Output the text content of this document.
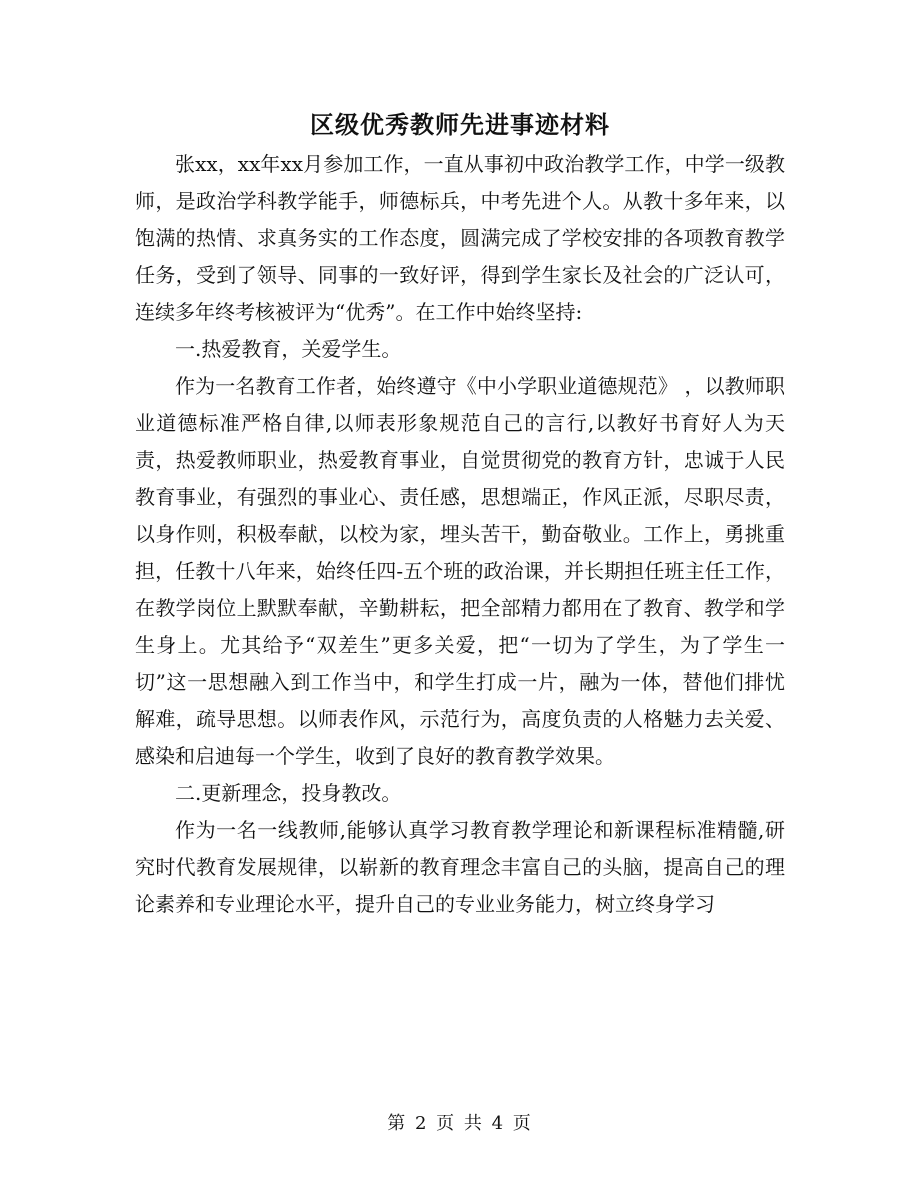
区级优秀教师先进事迹材料

张xx，xx年xx月参加工作，一直从事初中政治教学工作，中学一级教师，是政治学科教学能手，师德标兵，中考先进个人。从教十多年来，以饱满的热情、求真务实的工作态度，圆满完成了学校安排的各项教育教学任务，受到了领导、同事的一致好评，得到学生家长及社会的广泛认可，连续多年终考核被评为“优秀”。在工作中始终坚持:

一.热爱教育，关爱学生。

作为一名教育工作者，始终遵守《中小学职业道德规范》 ，以教师职业道德标准严格自律,以师表形象规范自己的言行,以教好书育好人为天责，热爱教师职业，热爱教育事业，自觉贯彻党的教育方针，忠诚于人民教育事业，有强烈的事业心、责任感，思想端正，作风正派，尽职尽责，以身作则，积极奉献，以校为家，埋头苦干，勤奋敬业。工作上，勇挑重担，任教十八年来，始终任四-五个班的政治课，并长期担任班主任工作，在教学岗位上默默奉献，辛勤耕耘，把全部精力都用在了教育、教学和学生身上。尤其给予“双差生”更多关爱，把“一切为了学生，为了学生一切”这一思想融入到工作当中，和学生打成一片，融为一体，替他们排忧解难，疏导思想。以师表作风，示范行为，高度负责的人格魅力去关爱、感染和启迪每一个学生，收到了良好的教育教学效果。

二.更新理念，投身教改。

作为一名一线教师,能够认真学习教育教学理论和新课程标准精髓,研究时代教育发展规律，以崭新的教育理念丰富自己的头脑，提高自己的理论素养和专业理论水平，提升自己的专业业务能力，树立终身学习

第 2 页 共 4 页
